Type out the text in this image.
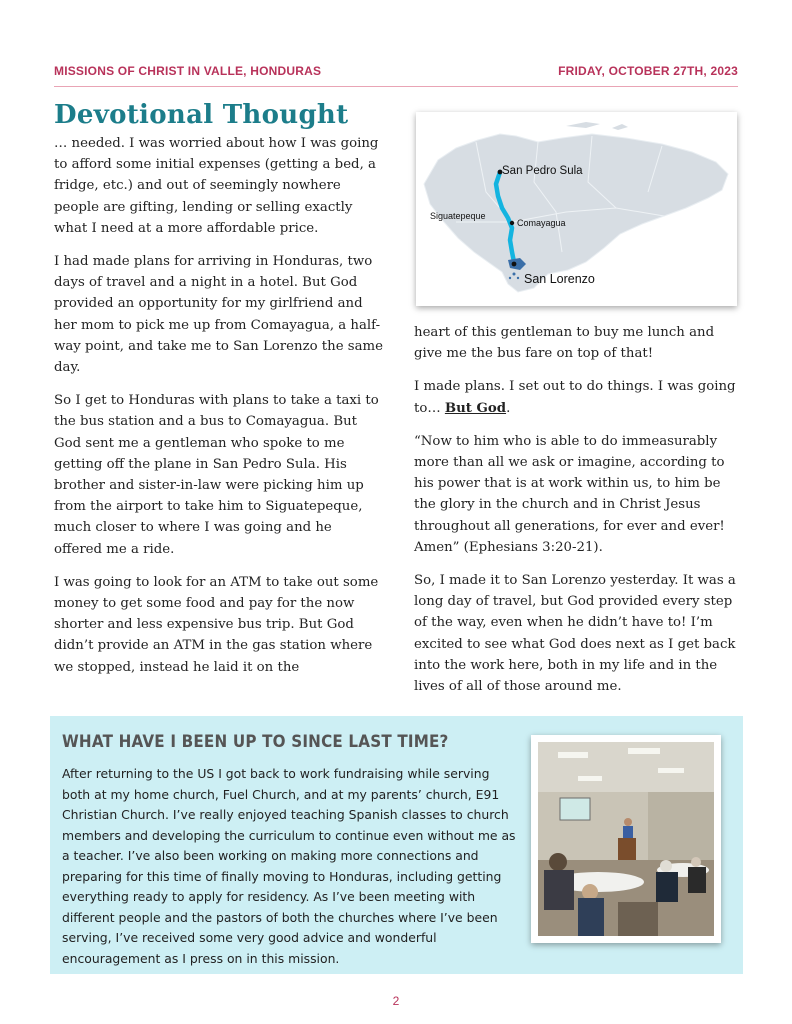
MISSIONS OF CHRIST IN VALLE, HONDURAS	FRIDAY, OCTOBER 27TH, 2023
Devotional Thought

… needed. I was worried about how I was going to afford some initial expenses (getting a bed, a fridge, etc.) and out of seemingly nowhere people are gifting, lending or selling exactly what I need at a more affordable price.

I had made plans for arriving in Honduras, two days of travel and a night in a hotel. But God provided an opportunity for my girlfriend and her mom to pick me up from Comayagua, a half-way point, and take me to San Lorenzo the same day.

So I get to Honduras with plans to take a taxi to the bus station and a bus to Comayagua. But God sent me a gentleman who spoke to me getting off the plane in San Pedro Sula. His brother and sister-in-law were picking him up from the airport to take him to Siguatepeque, much closer to where I was going and he offered me a ride.

I was going to look for an ATM to take out some money to get some food and pay for the now shorter and less expensive bus trip. But God didn’t provide an ATM in the gas station where we stopped, instead he laid it on the

San Pedro Sula
Siguatepeque
Comayagua
San Lorenzo

heart of this gentleman to buy me lunch and give me the bus fare on top of that!

I made plans. I set out to do things. I was going to… But God.

“Now to him who is able to do immeasurably more than all we ask or imagine, according to his power that is at work within us, to him be the glory in the church and in Christ Jesus throughout all generations, for ever and ever! Amen” (Ephesians 3:20-21).

So, I made it to San Lorenzo yesterday. It was a long day of travel, but God provided every step of the way, even when he didn’t have to! I’m excited to see what God does next as I get back into the work here, both in my life and in the lives of all of those around me.

WHAT HAVE I BEEN UP TO SINCE LAST TIME?

After returning to the US I got back to work fundraising while serving both at my home church, Fuel Church, and at my parents’ church, E91 Christian Church. I’ve really enjoyed teaching Spanish classes to church members and developing the curriculum to continue even without me as a teacher. I’ve also been working on making more connections and preparing for this time of finally moving to Honduras, including getting everything ready to apply for residency. As I’ve been meeting with different people and the pastors of both the churches where I’ve been serving, I’ve received some very good advice and wonderful encouragement as I press on in this mission.

2
